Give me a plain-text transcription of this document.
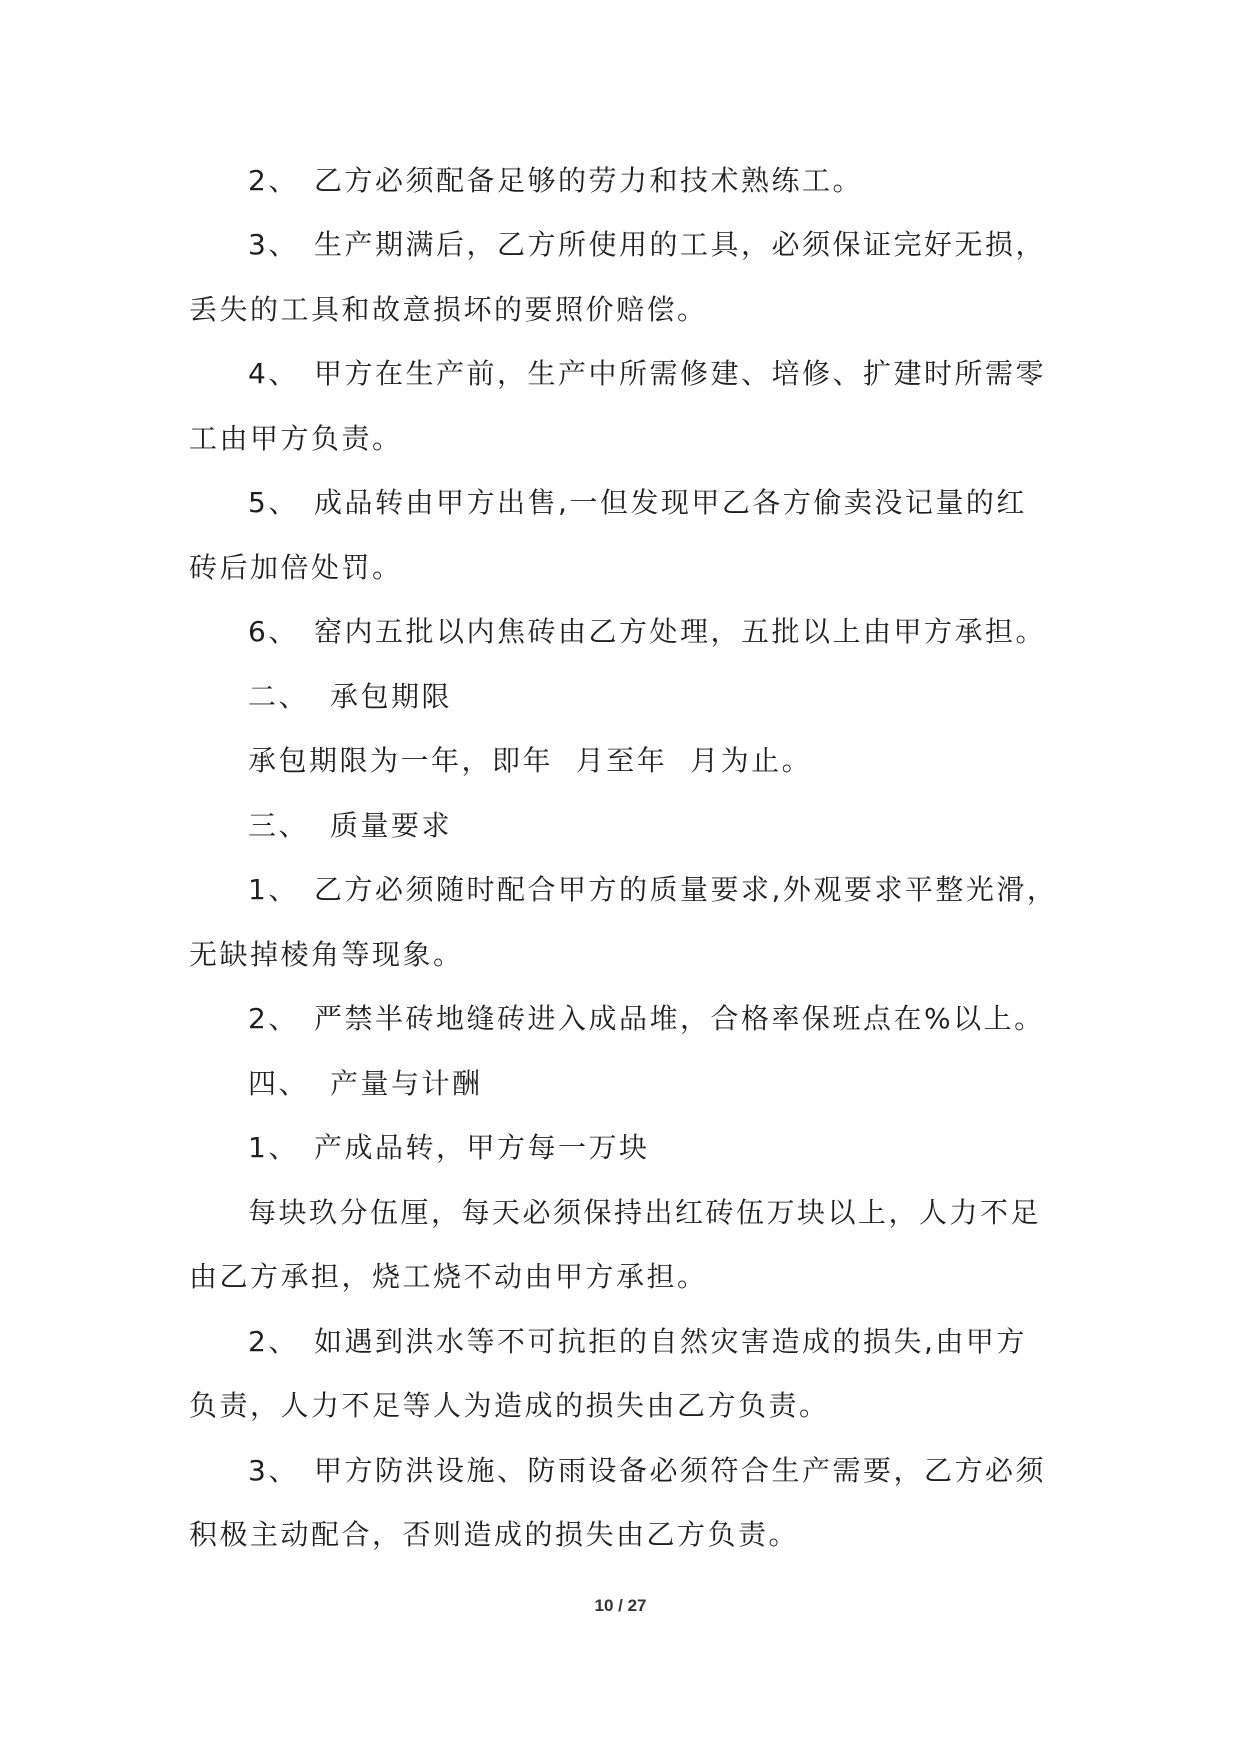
2、 乙方必须配备足够的劳力和技术熟练工。
3、 生产期满后，乙方所使用的工具，必须保证完好无损，
丢失的工具和故意损坏的要照价赔偿。
4、 甲方在生产前，生产中所需修建、培修、扩建时所需零
工由甲方负责。
5、 成品转由甲方出售,一但发现甲乙各方偷卖没记量的红
砖后加倍处罚。
6、 窑内五批以内焦砖由乙方处理，五批以上由甲方承担。
二、 承包期限
承包期限为一年，即年  月至年  月为止。
三、 质量要求
1、 乙方必须随时配合甲方的质量要求,外观要求平整光滑，
无缺掉棱角等现象。
2、 严禁半砖地缝砖进入成品堆，合格率保班点在%以上。
四、 产量与计酬
1、 产成品转，甲方每一万块
每块玖分伍厘，每天必须保持出红砖伍万块以上，人力不足
由乙方承担，烧工烧不动由甲方承担。
2、 如遇到洪水等不可抗拒的自然灾害造成的损失,由甲方
负责，人力不足等人为造成的损失由乙方负责。
3、 甲方防洪设施、防雨设备必须符合生产需要，乙方必须
积极主动配合，否则造成的损失由乙方负责。
10 / 27
